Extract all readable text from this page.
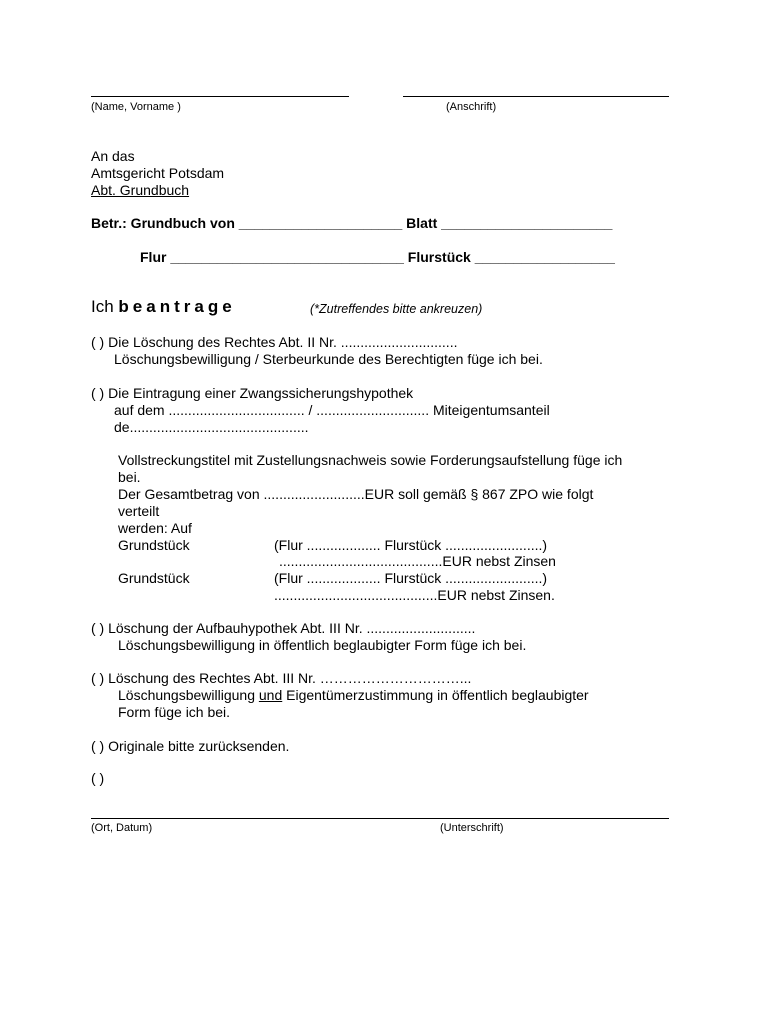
(Name, Vorname )	(Anschrift)
An das
Amtsgericht Potsdam
Abt. Grundbuch
Betr.: Grundbuch von _____________________ Blatt ______________________
Flur ______________________________ Flurstück __________________
Ich beantrage	(*Zutreffendes bitte ankreuzen)
( ) Die Löschung des Rechtes Abt. II Nr. ..............................
Löschungsbewilligung / Sterbeurkunde des Berechtigten füge ich bei.
( ) Die Eintragung einer Zwangssicherungshypothek
auf dem ................................... / ............................. Miteigentumsanteil
de..............................................
Vollstreckungstitel mit Zustellungsnachweis sowie Forderungsaufstellung füge ich
bei.
Der Gesamtbetrag von ..........................EUR soll gemäß § 867 ZPO wie folgt
verteilt
werden: Auf
Grundstück	(Flur ................... Flurstück .........................)
..........................................EUR nebst Zinsen
Grundstück	(Flur ................... Flurstück .........................)
..........................................EUR nebst Zinsen.
( ) Löschung der Aufbauhypothek Abt. III Nr. ............................
Löschungsbewilligung in öffentlich beglaubigter Form füge ich bei.
( ) Löschung des Rechtes Abt. III Nr. …………………………...
Löschungsbewilligung und Eigentümerzustimmung in öffentlich beglaubigter
Form füge ich bei.
( ) Originale bitte zurücksenden.
( )
(Ort, Datum)	(Unterschrift)
